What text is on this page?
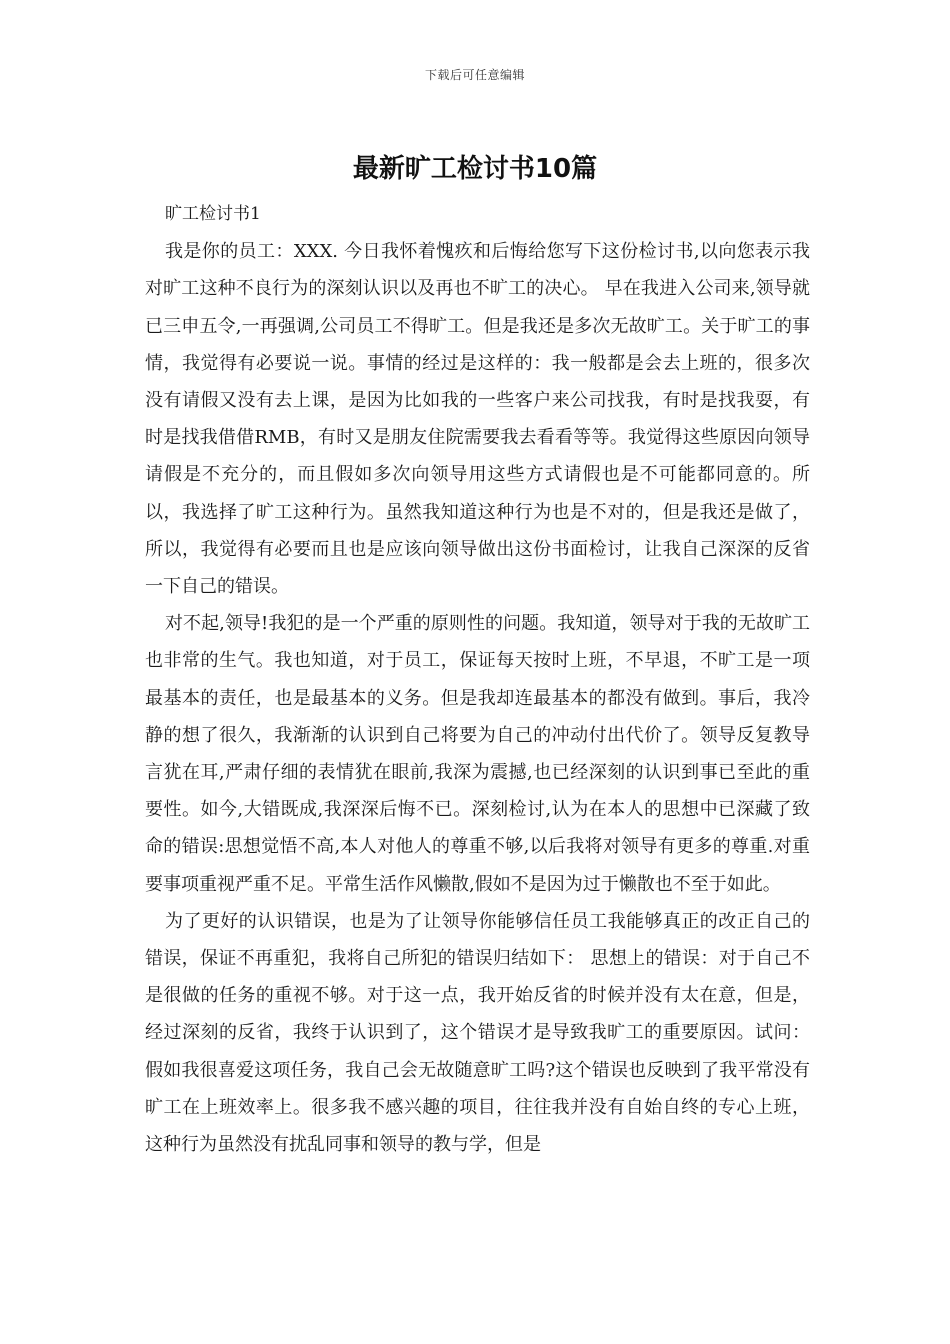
下载后可任意编辑
最新旷工检讨书10篇

旷工检讨书1

我是你的员工：XXX. 今日我怀着愧疚和后悔给您写下这份检讨书,以向您表示我对旷工这种不良行为的深刻认识以及再也不旷工的决心。 早在我进入公司来,领导就已三申五令,一再强调,公司员工不得旷工。但是我还是多次无故旷工。关于旷工的事情，我觉得有必要说一说。事情的经过是这样的：我一般都是会去上班的，很多次没有请假又没有去上课，是因为比如我的一些客户来公司找我，有时是找我耍，有时是找我借借RMB，有时又是朋友住院需要我去看看等等。我觉得这些原因向领导请假是不充分的，而且假如多次向领导用这些方式请假也是不可能都同意的。所以，我选择了旷工这种行为。虽然我知道这种行为也是不对的，但是我还是做了，所以，我觉得有必要而且也是应该向领导做出这份书面检讨，让我自己深深的反省一下自己的错误。

对不起,领导!我犯的是一个严重的原则性的问题。我知道，领导对于我的无故旷工也非常的生气。我也知道，对于员工，保证每天按时上班，不早退，不旷工是一项最基本的责任，也是最基本的义务。但是我却连最基本的都没有做到。事后，我冷静的想了很久，我渐渐的认识到自己将要为自己的冲动付出代价了。领导反复教导言犹在耳,严肃仔细的表情犹在眼前,我深为震撼,也已经深刻的认识到事已至此的重要性。如今,大错既成,我深深后悔不已。深刻检讨,认为在本人的思想中已深藏了致命的错误:思想觉悟不高,本人对他人的尊重不够,以后我将对领导有更多的尊重.对重要事项重视严重不足。平常生活作风懒散,假如不是因为过于懒散也不至于如此。

为了更好的认识错误，也是为了让领导你能够信任员工我能够真正的改正自己的错误，保证不再重犯，我将自己所犯的错误归结如下： 思想上的错误：对于自己不是很做的任务的重视不够。对于这一点，我开始反省的时候并没有太在意，但是，经过深刻的反省，我终于认识到了，这个错误才是导致我旷工的重要原因。试问：假如我很喜爱这项任务，我自己会无故随意旷工吗?这个错误也反映到了我平常没有旷工在上班效率上。很多我不感兴趣的项目，往往我并没有自始自终的专心上班，这种行为虽然没有扰乱同事和领导的教与学，但是
